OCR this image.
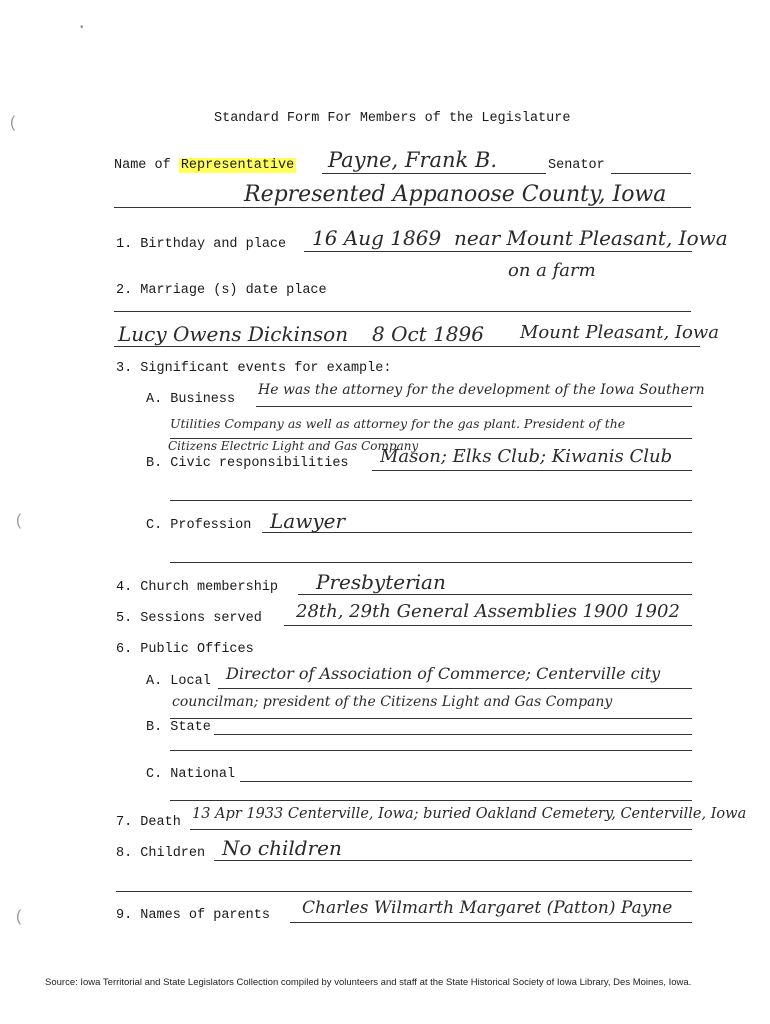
•
(
(
(
Standard Form For Members of the Legislature
Name of Representative Payne, Frank B.	Senator
Represented Appanoose County, Iowa
1. Birthday and place 16 Aug 1869 near Mount Pleasant, Iowa
on a farm
2. Marriage (s) date place
Lucy Owens Dickinson 8 Oct 1896 Mount Pleasant, Iowa
3. Significant events for example:
A. Business
He was the attorney for the development of the Iowa Southern
Utilities Company as well as attorney for the gas plant. President of the
Citizens Electric Light and Gas Company
B. Civic responsibilities Mason; Elks Club; Kiwanis Club
C. Profession Lawyer
4. Church membership Presbyterian
5. Sessions served 28th, 29th General Assemblies 1900 1902
6. Public Offices
A. Local Director of Association of Commerce; Centerville city
councilman; president of the Citizens Light and Gas Company
B. State
C. National
7. Death
13 Apr 1933 Centerville, Iowa; buried Oakland Cemetery, Centerville, Iowa
8. Children No children
9. Names of parents Charles Wilmarth Margaret (Patton) Payne
Source: Iowa Territorial and State Legislators Collection compiled by volunteers and staff at the State Historical Society of Iowa Library, Des Moines, Iowa.
